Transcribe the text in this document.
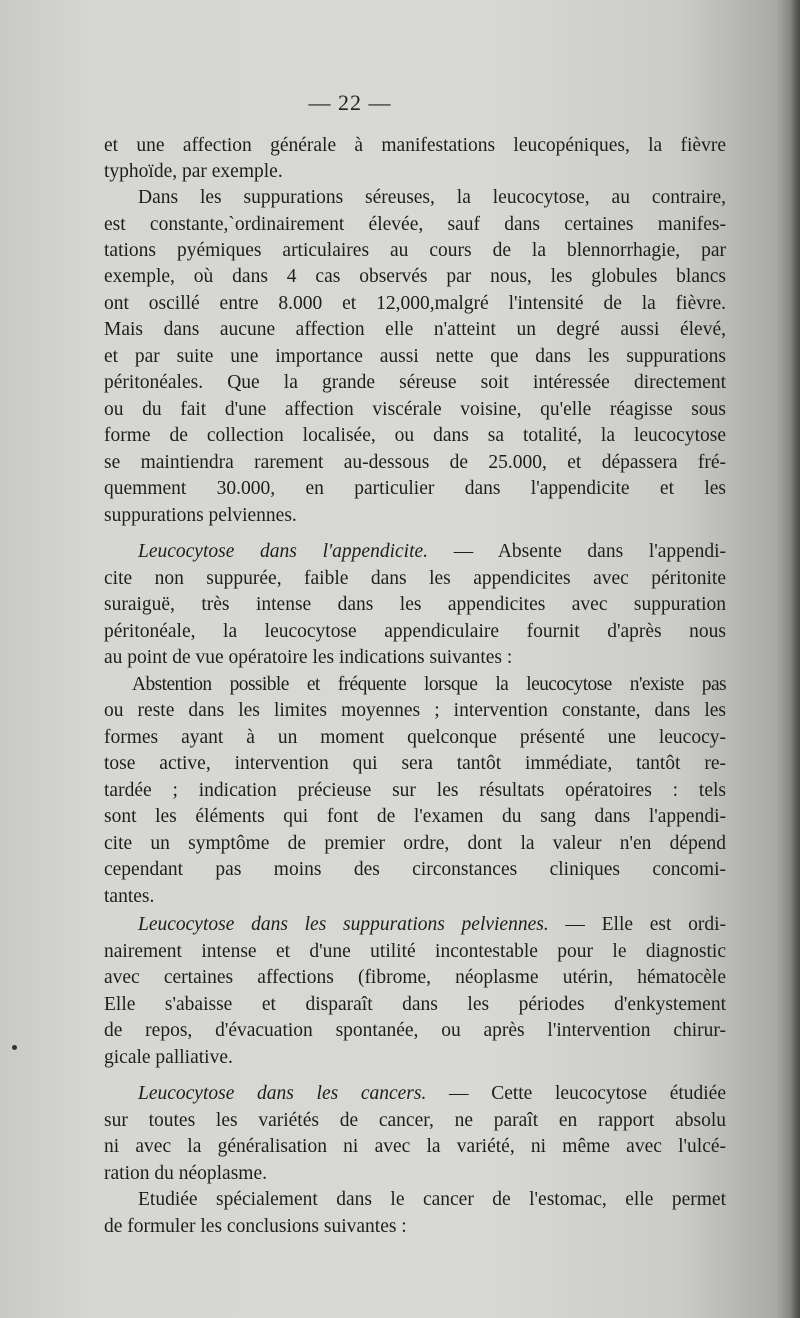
— 22 —
et une affection générale à manifestations leucopéniques, la fièvre
typhoïde, par exemple.
Dans les suppurations séreuses, la leucocytose, au contraire,
est constante,`ordinairement élevée, sauf dans certaines manifes-
tations pyémiques articulaires au cours de la blennorrhagie, par
exemple, où dans 4 cas observés par nous, les globules blancs
ont oscillé entre 8.000 et 12,000,malgré l'intensité de la fièvre.
Mais dans aucune affection elle n'atteint un degré aussi élevé,
et par suite une importance aussi nette que dans les suppurations
péritonéales. Que la grande séreuse soit intéressée directement
ou du fait d'une affection viscérale voisine, qu'elle réagisse sous
forme de collection localisée, ou dans sa totalité, la leucocytose
se maintiendra rarement au-dessous de 25.000, et dépassera fré-
quemment 30.000, en particulier dans l'appendicite et les
suppurations pelviennes.
Leucocytose dans l'appendicite. — Absente dans l'appendi-
cite non suppurée, faible dans les appendicites avec péritonite
suraiguë, très intense dans les appendicites avec suppuration
péritonéale, la leucocytose appendiculaire fournit d'après nous
au point de vue opératoire les indications suivantes :
Abstention possible et fréquente lorsque la leucocytose n'existe pas
ou reste dans les limites moyennes ; intervention constante, dans les
formes ayant à un moment quelconque présenté une leucocy-
tose active, intervention qui sera tantôt immédiate, tantôt re-
tardée ; indication précieuse sur les résultats opératoires : tels
sont les éléments qui font de l'examen du sang dans l'appendi-
cite un symptôme de premier ordre, dont la valeur n'en dépend
cependant pas moins des circonstances cliniques concomi-
tantes.
Leucocytose dans les suppurations pelviennes. — Elle est ordi-
nairement intense et d'une utilité incontestable pour le diagnostic
avec certaines affections (fibrome, néoplasme utérin, hématocèle
Elle s'abaisse et disparaît dans les périodes d'enkystement
de repos, d'évacuation spontanée, ou après l'intervention chirur-
gicale palliative.
Leucocytose dans les cancers. — Cette leucocytose étudiée
sur toutes les variétés de cancer, ne paraît en rapport absolu
ni avec la généralisation ni avec la variété, ni même avec l'ulcé-
ration du néoplasme.
Etudiée spécialement dans le cancer de l'estomac, elle permet
de formuler les conclusions suivantes :
